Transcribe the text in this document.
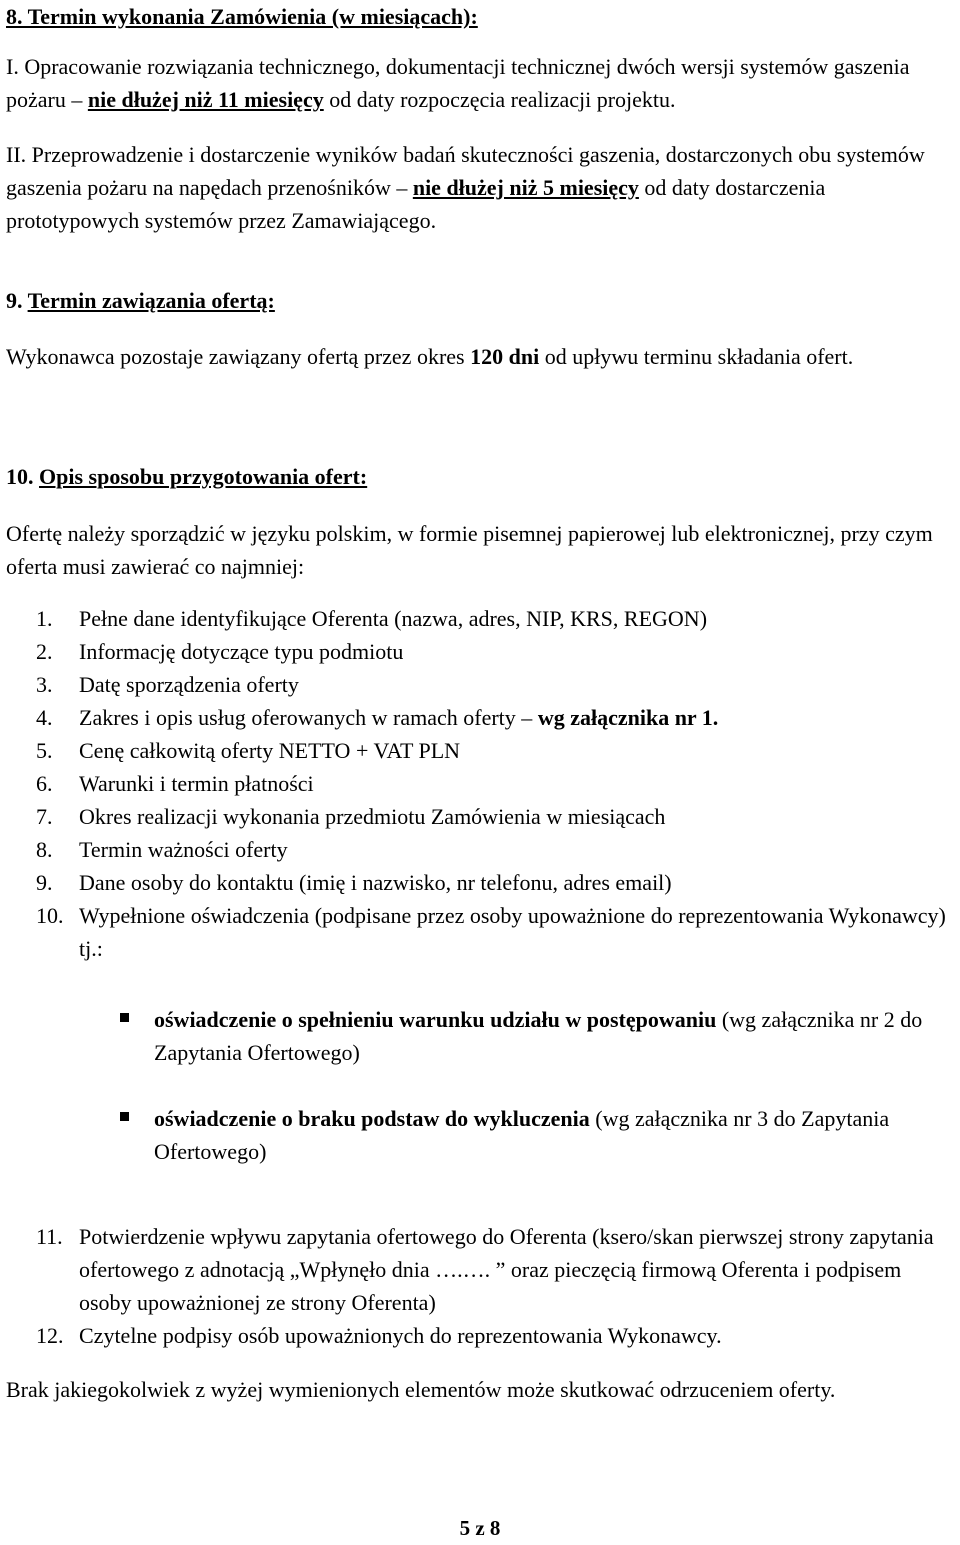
8. Termin wykonania Zamówienia (w miesiącach):
I. Opracowanie rozwiązania technicznego, dokumentacji technicznej dwóch wersji systemów gaszenia pożaru – nie dłużej niż 11 miesięcy od daty rozpoczęcia realizacji projektu.
II. Przeprowadzenie i dostarczenie wyników badań skuteczności gaszenia, dostarczonych obu systemów gaszenia pożaru na napędach przenośników – nie dłużej niż 5 miesięcy od daty dostarczenia prototypowych systemów przez Zamawiającego.
9. Termin zawiązania ofertą:
Wykonawca pozostaje zawiązany ofertą przez okres 120 dni od upływu terminu składania ofert.
10. Opis sposobu przygotowania ofert:
Ofertę należy sporządzić w języku polskim, w formie pisemnej papierowej lub elektronicznej, przy czym oferta musi zawierać co najmniej:
1.	Pełne dane identyfikujące Oferenta (nazwa, adres, NIP, KRS, REGON)
2.	Informację dotyczące typu podmiotu
3.	Datę sporządzenia oferty
4.	Zakres i opis usług oferowanych w ramach oferty – wg załącznika nr 1.
5.	Cenę całkowitą oferty NETTO + VAT PLN
6.	Warunki i termin płatności
7.	Okres realizacji wykonania przedmiotu Zamówienia w miesiącach
8.	Termin ważności oferty
9.	Dane osoby do kontaktu (imię i nazwisko, nr telefonu, adres email)
10. Wypełnione oświadczenia (podpisane przez osoby upoważnione do reprezentowania Wykonawcy) tj.:
oświadczenie o spełnieniu warunku udziału w postępowaniu (wg załącznika nr 2 do Zapytania Ofertowego)
oświadczenie o braku podstaw do wykluczenia (wg załącznika nr 3 do Zapytania Ofertowego)
11. Potwierdzenie wpływu zapytania ofertowego do Oferenta (ksero/skan pierwszej strony zapytania ofertowego z adnotacją „Wpłynęło dnia ….…. ” oraz pieczęcią firmową Oferenta i podpisem osoby upoważnionej ze strony Oferenta)
12. Czytelne podpisy osób upoważnionych do reprezentowania Wykonawcy.
Brak jakiegokolwiek z wyżej wymienionych elementów może skutkować odrzuceniem oferty.
5 z 8
